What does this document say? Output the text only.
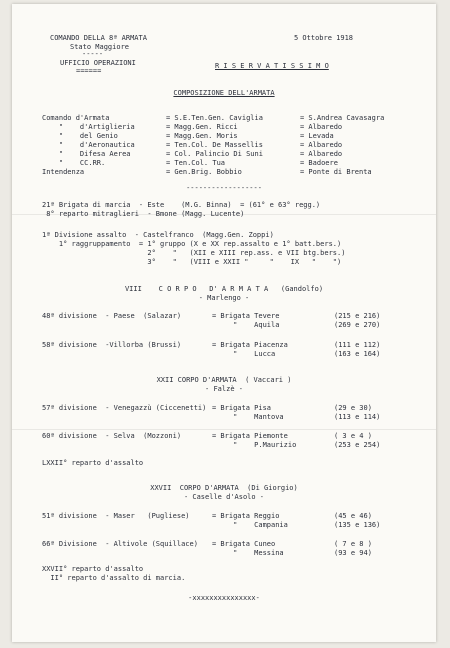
COMANDO DELLA 8ª ARMATA
Stato Maggiore
-----
UFFICIO OPERAZIONI
======
5 Ottobre 1918
R I S E R V A T I S S I M O
COMPOSIZIONE DELL'ARMATA
Comando d'Armata	= S.E.Ten.Gen. Caviglia	= S.Andrea Cavasagra
"    d'Artiglieria	= Magg.Gen. Ricci	= Albaredo
"    del Genio	= Magg.Gen. Moris	= Levada
"    d'Aeronautica	= Ten.Col. De Massellis	= Albaredo
"    Difesa Aerea	= Col. Palincio Di Suni	= Albaredo
"    CC.RR.	= Ten.Col. Tua	= Badoere
Intendenza	= Gen.Brig. Bobbio	= Ponte di Brenta
------------------
21ª Brigata di marcia  - Este    (M.G. Binna)  = (61° e 63° regg.)
8° reparto mitraglieri  - Bmone (Magg. Lucente)
1ª Divisione assalto  - Castelfranco  (Magg.Gen. Zoppi)
1° raggruppamento  = 1° gruppo (X e XX rep.assalto e 1° batt.bers.)
2°    "   (XII e XIII rep.ass. e VII btg.bers.)
3°    "   (VIII e XXII "     "    IX   "    ")
VIII    C O R P O   D' A R M A T A   (Gandolfo)
- Marlengo -
48ª divisione  - Paese  (Salazar)	= Brigata Tevere	(215 e 216)
"    Aquila	(269 e 270)
58ª divisione  -Villorba (Brussi)	= Brigata Piacenza	(111 e 112)
"    Lucca	(163 e 164)
XXII CORPO D'ARMATA  ( Vaccari )
- Falzè -
57ª divisione  - Venegazzù (Ciccenetti) = Brigata Pisa	(29 e 30)
"    Mantova	(113 e 114)
60ª divisione  - Selva  (Mozzoni)	= Brigata Piemonte	( 3 e 4 )
"    P.Maurizio	(253 e 254)
LXXII° reparto d'assalto
XXVII  CORPO D'ARMATA  (Di Giorgio)
- Caselle d'Asolo -
51ª divisione  - Maser   (Pugliese)	= Brigata Reggio	(45 e 46)
"    Campania	(135 e 136)
66ª Divisione  - Altivole (Squillace) = Brigata Cuneo	( 7 e 8 )
"    Messina	(93 e 94)
XXVII° reparto d'assalto
II° reparto d'assalto di marcia.
-xxxxxxxxxxxxxxx-
